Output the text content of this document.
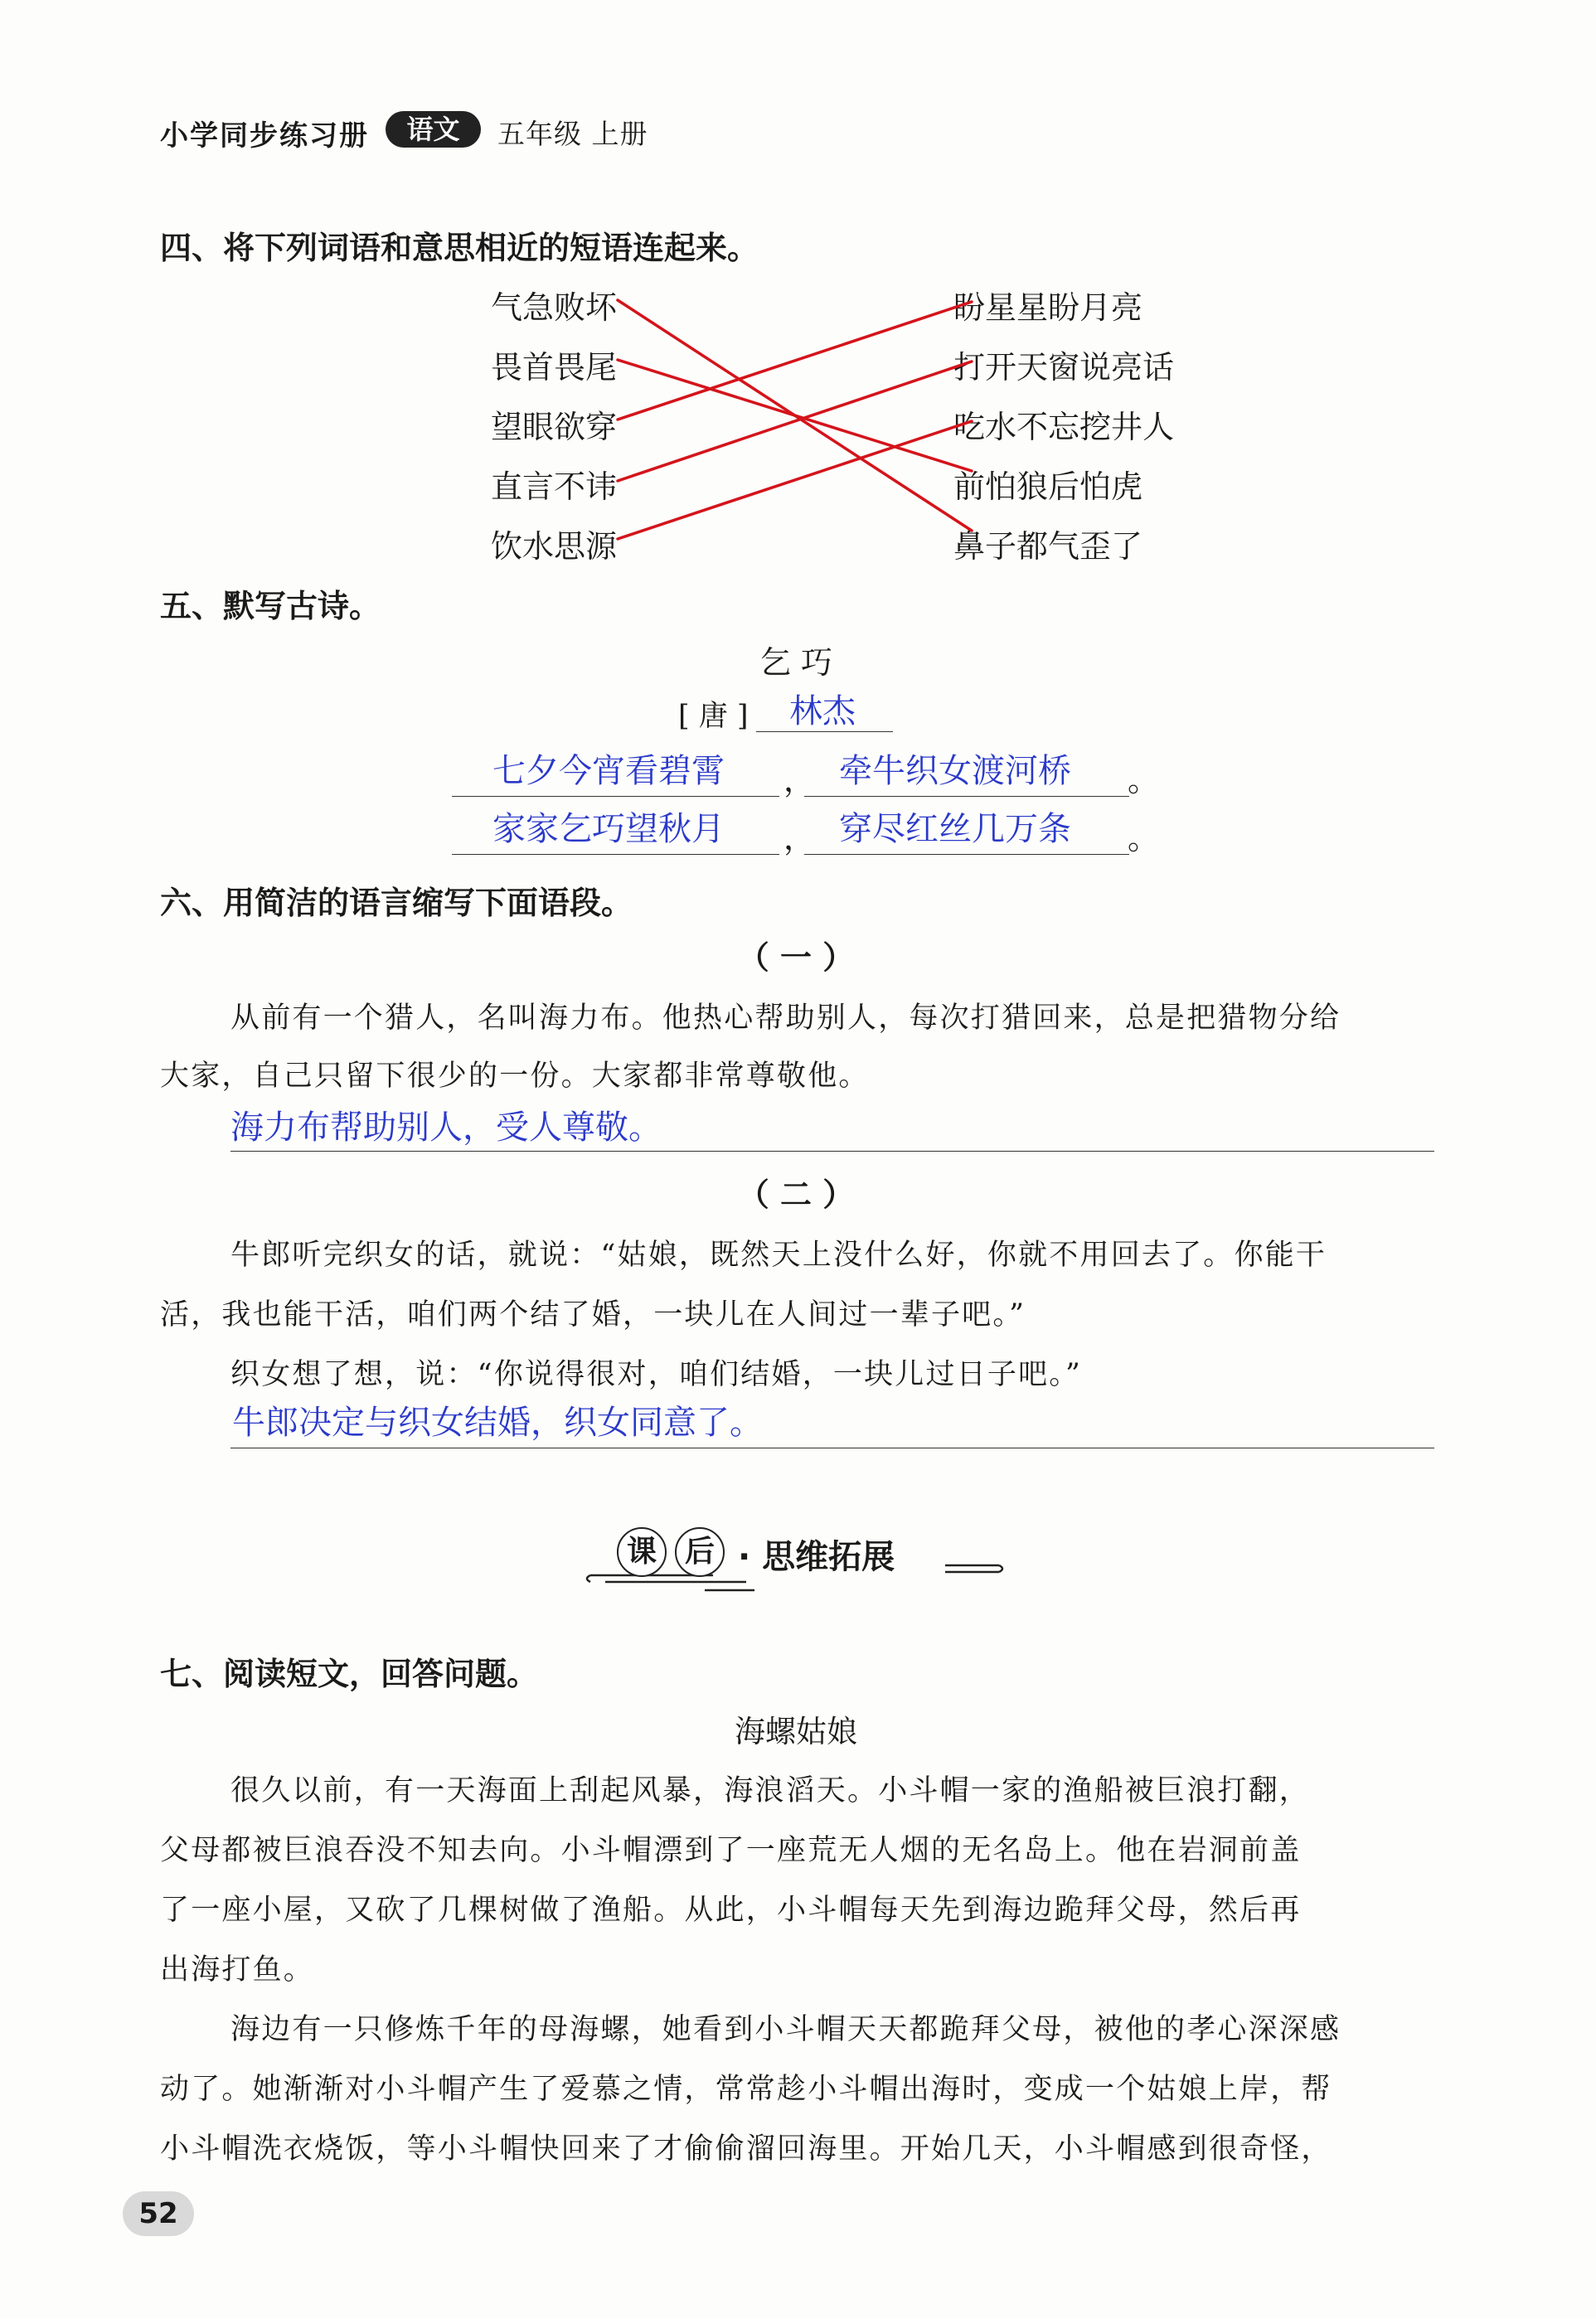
小学同步练习册	语文	五年级 上册
四、将下列词语和意思相近的短语连起来。
气急败坏
畏首畏尾
望眼欲穿
直言不讳
饮水思源
盼星星盼月亮
打开天窗说亮话
吃水不忘挖井人
前怕狼后怕虎
鼻子都气歪了
五、默写古诗。
乞 巧
[ 唐 ] 林杰
七夕今宵看碧霄 ， 牵牛织女渡河桥 。
家家乞巧望秋月 ， 穿尽红丝几万条 。
六、用简洁的语言缩写下面语段。
（ 一 ）
从前有一个猎人，名叫海力布。他热心帮助别人，每次打猎回来，总是把猎物分给
大家，自己只留下很少的一份。大家都非常尊敬他。
海力布帮助别人，受人尊敬。
（ 二 ）
牛郎听完织女的话，就说：“姑娘，既然天上没什么好，你就不用回去了。你能干
活，我也能干活，咱们两个结了婚，一块儿在人间过一辈子吧。”
织女想了想，说：“你说得很对，咱们结婚，一块儿过日子吧。”
牛郎决定与织女结婚，织女同意了。
课 后 · 思维拓展
七、阅读短文，回答问题。
海螺姑娘
很久以前，有一天海面上刮起风暴，海浪滔天。小斗帽一家的渔船被巨浪打翻，
父母都被巨浪吞没不知去向。小斗帽漂到了一座荒无人烟的无名岛上。他在岩洞前盖
了一座小屋，又砍了几棵树做了渔船。从此，小斗帽每天先到海边跪拜父母，然后再
出海打鱼。
海边有一只修炼千年的母海螺，她看到小斗帽天天都跪拜父母，被他的孝心深深感
动了。她渐渐对小斗帽产生了爱慕之情，常常趁小斗帽出海时，变成一个姑娘上岸，帮
小斗帽洗衣烧饭，等小斗帽快回来了才偷偷溜回海里。开始几天，小斗帽感到很奇怪，
52
